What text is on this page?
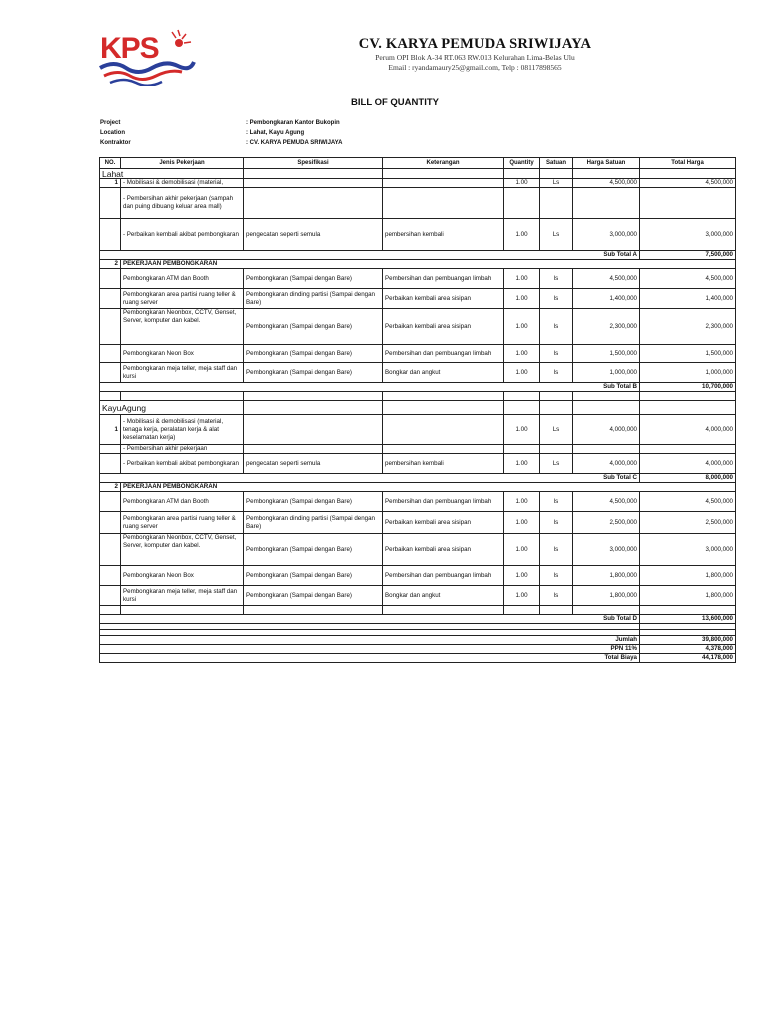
KPS	CV. KARYA PEMUDA SRIWIJAYA
Perum OPI Blok A-34 RT.063 RW.013 Kelurahan Lima-Belas Ulu
Email : ryandamaury25@gmail.com, Telp : 08117898565
BILL OF QUANTITY
Project	: Pembongkaran Kantor Bukopin
Location	: Lahat, Kayu Agung
Kontraktor	: CV. KARYA PEMUDA SRIWIJAYA
NO.	Jenis Pekerjaan	Spesifikasi	Keterangan	Quantity	Satuan	Harga Satuan	Total Harga
Lahat							
1	- Mobilisasi & demobilisasi (material,			1.00	Ls	4,500,000	4,500,000
	- Pembersihan akhir pekerjaan (sampah dan puing dibuang keluar area mall)						
	- Perbaikan kembali akibat pembongkaran	pengecatan seperti semula	pembersihan kembali	1.00	Ls	3,000,000	3,000,000
Sub Total A							7,500,000
2	PEKERJAAN PEMBONGKARAN						
	Pembongkaran ATM dan Booth	Pembongkaran (Sampai dengan Bare)	Pembersihan dan pembuangan limbah	1.00	ls	4,500,000	4,500,000
	Pembongkaran area partisi ruang teller & ruang server	Pembongkaran dinding partisi (Sampai dengan Bare)	Perbaikan kembali area sisipan	1.00	ls	1,400,000	1,400,000
	Pembongkaran Neonbox, CCTV, Genset, Server, komputer dan kabel.	Pembongkaran (Sampai dengan Bare)	Perbaikan kembali area sisipan	1.00	ls	2,300,000	2,300,000
	Pembongkaran Neon Box	Pembongkaran (Sampai dengan Bare)	Pembersihan dan pembuangan limbah	1.00	ls	1,500,000	1,500,000
	Pembongkaran meja teller, meja staff dan kursi	Pembongkaran (Sampai dengan Bare)	Bongkar dan angkut	1.00	ls	1,000,000	1,000,000
Sub Total B							10,700,000

KayuAgung							
1	- Mobilisasi & demobilisasi (material, tenaga kerja, peralatan kerja & alat keselamatan kerja)			1.00	Ls	4,000,000	4,000,000
	- Pembersihan akhir pekerjaan						
	- Perbaikan kembali akibat pembongkaran	pengecatan seperti semula	pembersihan kembali	1.00	Ls	4,000,000	4,000,000
Sub Total C							8,000,000
2	PEKERJAAN PEMBONGKARAN						
	Pembongkaran ATM dan Booth	Pembongkaran (Sampai dengan Bare)	Pembersihan dan pembuangan limbah	1.00	ls	4,500,000	4,500,000
	Pembongkaran area partisi ruang teller & ruang server	Pembongkaran dinding partisi (Sampai dengan Bare)	Perbaikan kembali area sisipan	1.00	ls	2,500,000	2,500,000
	Pembongkaran Neonbox, CCTV, Genset, Server, komputer dan kabel.	Pembongkaran (Sampai dengan Bare)	Perbaikan kembali area sisipan	1.00	ls	3,000,000	3,000,000
	Pembongkaran Neon Box	Pembongkaran (Sampai dengan Bare)	Pembersihan dan pembuangan limbah	1.00	ls	1,800,000	1,800,000
	Pembongkaran meja teller, meja staff dan kursi	Pembongkaran (Sampai dengan Bare)	Bongkar dan angkut	1.00	ls	1,800,000	1,800,000

Sub Total D							13,600,000

Jumlah							39,800,000
PPN 11%							4,378,000
Total Biaya							44,178,000
